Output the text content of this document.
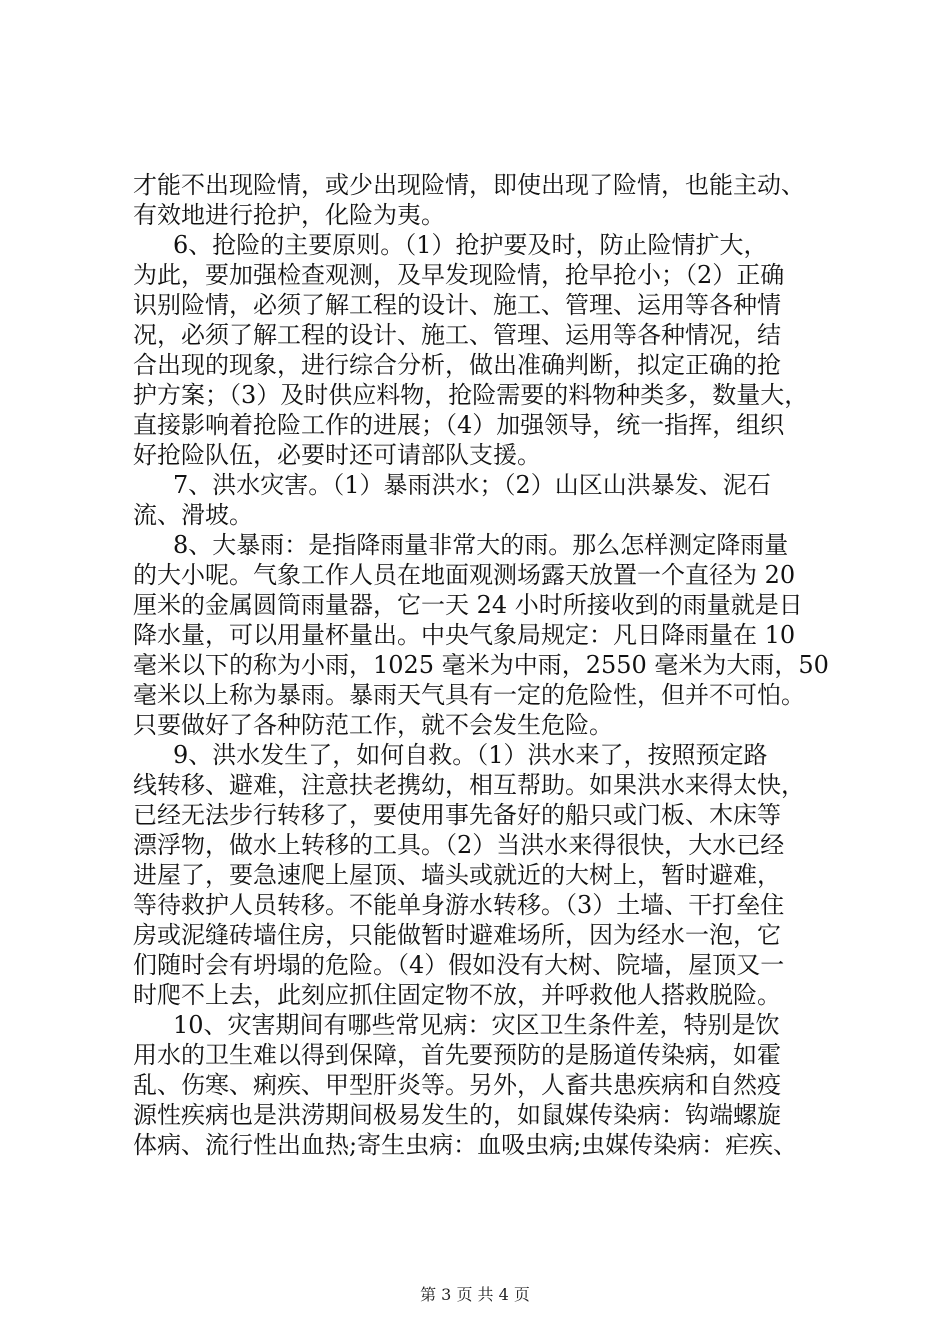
才能不出现险情，或少出现险情，即使出现了险情，也能主动、
有效地进行抢护，化险为夷。
6、抢险的主要原则。（1）抢护要及时，防止险情扩大，
为此，要加强检查观测，及早发现险情，抢早抢小；（2）正确
识别险情，必须了解工程的设计、施工、管理、运用等各种情
况，必须了解工程的设计、施工、管理、运用等各种情况，结
合出现的现象，进行综合分析，做出准确判断，拟定正确的抢
护方案；（3）及时供应料物，抢险需要的料物种类多，数量大，
直接影响着抢险工作的进展；（4）加强领导，统一指挥，组织
好抢险队伍，必要时还可请部队支援。
7、洪水灾害。（1）暴雨洪水；（2）山区山洪暴发、泥石
流、滑坡。
8、大暴雨：是指降雨量非常大的雨。那么怎样测定降雨量
的大小呢。气象工作人员在地面观测场露天放置一个直径为 20
厘米的金属圆筒雨量器，它一天 24 小时所接收到的雨量就是日
降水量，可以用量杯量出。中央气象局规定：凡日降雨量在 10
毫米以下的称为小雨，1025 毫米为中雨，2550 毫米为大雨，50
毫米以上称为暴雨。暴雨天气具有一定的危险性，但并不可怕。
只要做好了各种防范工作，就不会发生危险。
9、洪水发生了，如何自救。（1）洪水来了，按照预定路
线转移、避难，注意扶老携幼，相互帮助。如果洪水来得太快，
已经无法步行转移了，要使用事先备好的船只或门板、木床等
漂浮物，做水上转移的工具。（2）当洪水来得很快，大水已经
进屋了，要急速爬上屋顶、墙头或就近的大树上，暂时避难，
等待救护人员转移。不能单身游水转移。（3）土墙、干打垒住
房或泥缝砖墙住房，只能做暂时避难场所，因为经水一泡，它
们随时会有坍塌的危险。（4）假如没有大树、院墙，屋顶又一
时爬不上去，此刻应抓住固定物不放，并呼救他人搭救脱险。
10、灾害期间有哪些常见病：灾区卫生条件差，特别是饮
用水的卫生难以得到保障，首先要预防的是肠道传染病，如霍
乱、伤寒、痢疾、甲型肝炎等。另外，人畜共患疾病和自然疫
源性疾病也是洪涝期间极易发生的，如鼠媒传染病：钩端螺旋
体病、流行性出血热;寄生虫病：血吸虫病;虫媒传染病：疟疾、
第 3 页 共 4 页
